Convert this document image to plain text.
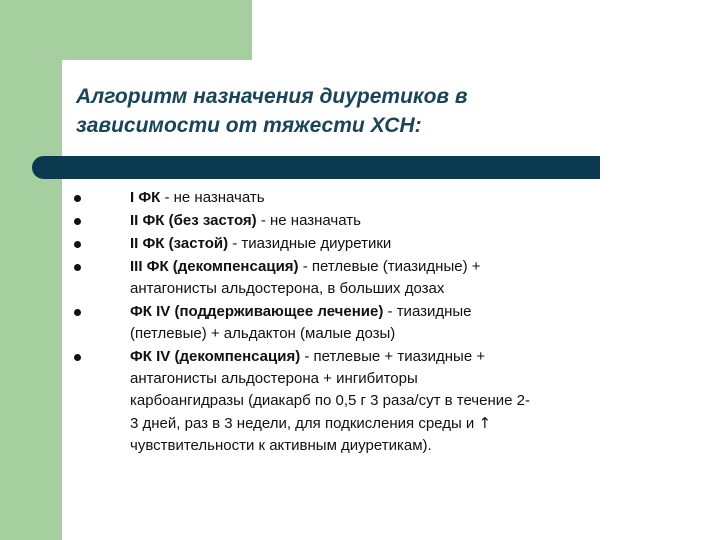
Алгоритм назначения диуретиков в
зависимости от тяжести ХСН:
I ФК - не назначать
II ФК (без застоя) - не назначать
II ФК (застой) - тиазидные диуретики
III ФК (декомпенсация) - петлевые (тиазидные) +
антагонисты альдостерона, в больших дозах
ФК IV (поддерживающее лечение) - тиазидные
(петлевые) + альдактон (малые дозы)
ФК IV (декомпенсация) - петлевые + тиазидные +
антагонисты альдостерона + ингибиторы
карбоангидразы (диакарб по 0,5 г 3 раза/сут в течение 2-
3 дней, раз в 3 недели, для подкисления среды и ↑
чувствительности к активным диуретикам).
